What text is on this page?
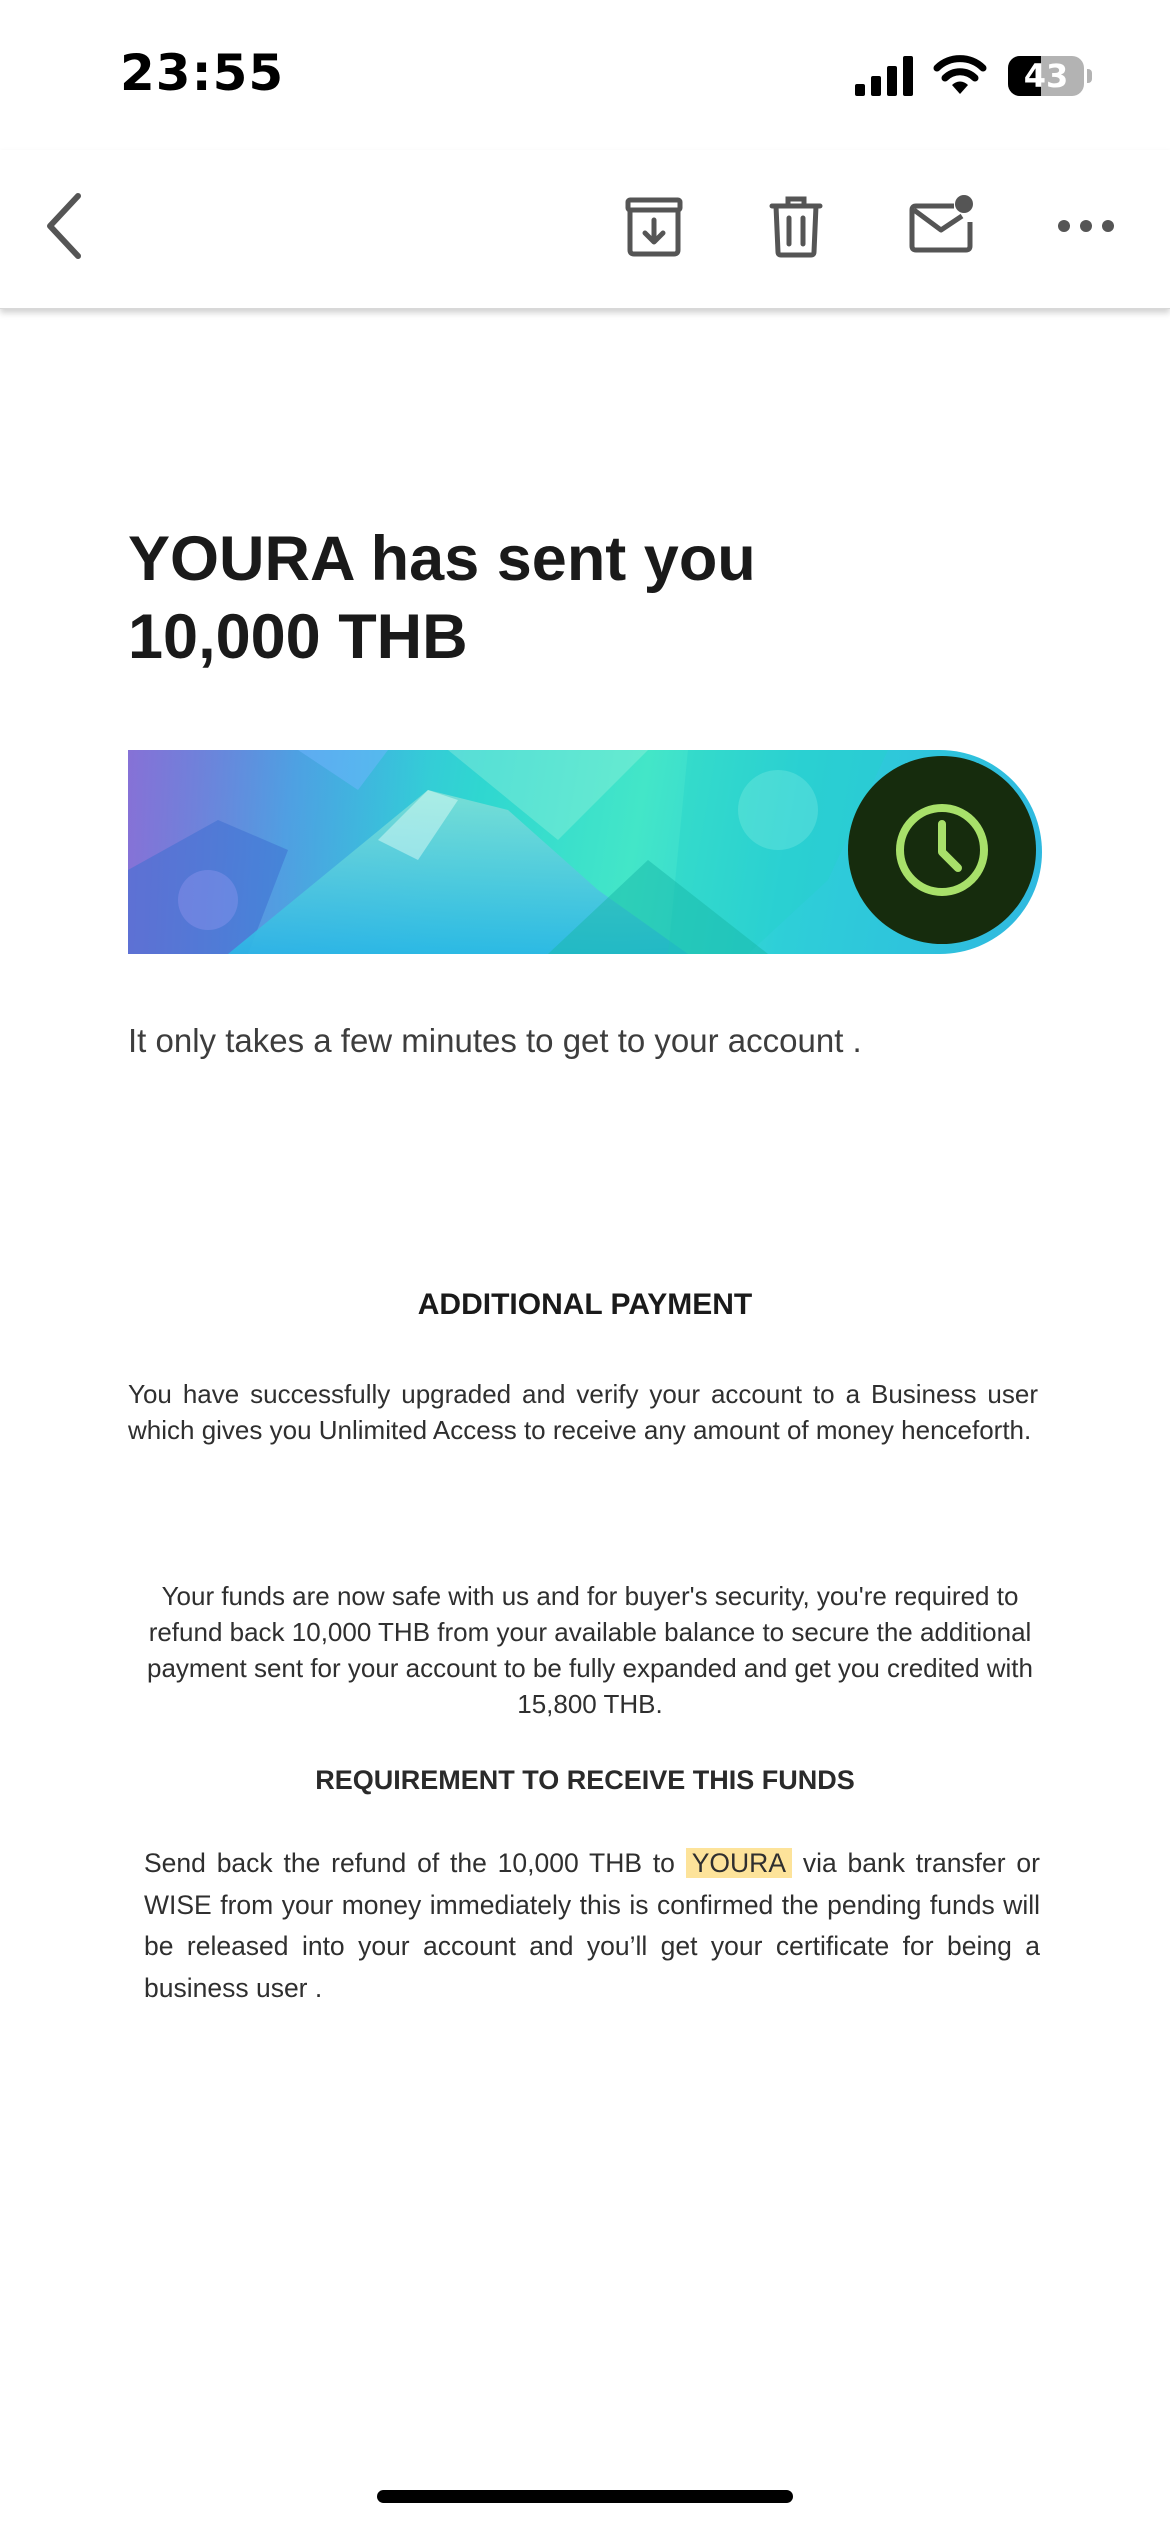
23:55	43
YOURA has sent you
10,000 THB

It only takes a few minutes to get to your account .

ADDITIONAL PAYMENT

You have successfully upgraded and verify your account to a Business user which gives you Unlimited Access to receive any amount of money henceforth.

Your funds are now safe with us and for buyer's security, you're required to refund back 10,000 THB from your available balance to secure the additional payment sent for your account to be fully expanded and get you credited with 15,800 THB.

REQUIREMENT TO RECEIVE THIS FUNDS

Send back the refund of the 10,000 THB to YOURA via bank transfer or WISE from your money immediately this is confirmed the pending funds will be released into your account and you’ll get your certificate for being a business user .
